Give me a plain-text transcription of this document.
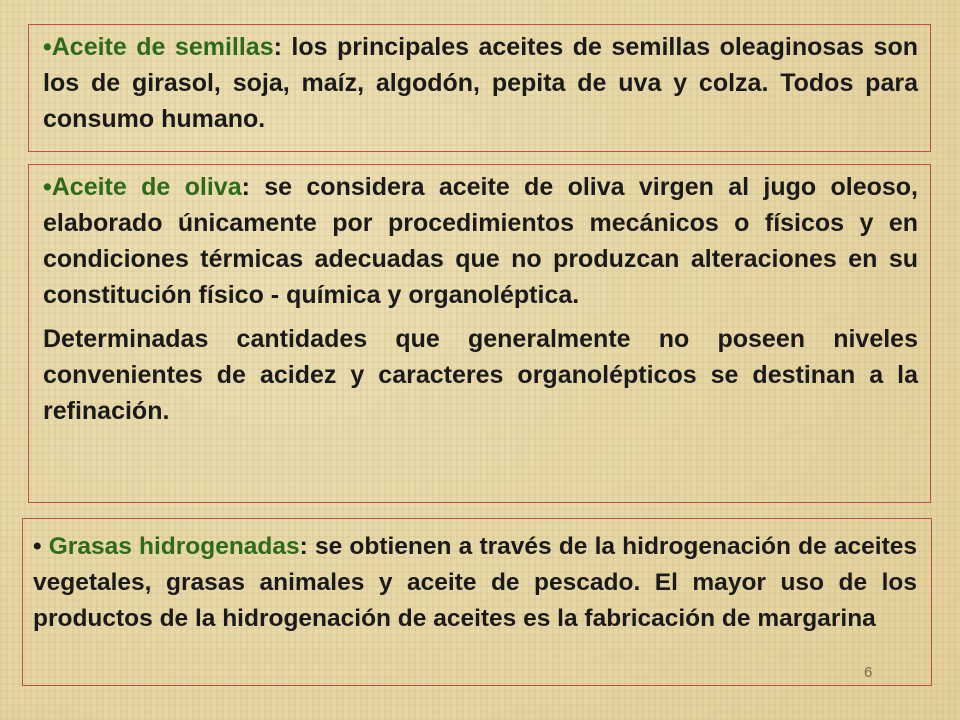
•Aceite de semillas: los principales aceites de semillas oleaginosas son los de girasol, soja, maíz, algodón, pepita de uva y colza. Todos para consumo humano.

•Aceite de oliva: se considera aceite de oliva virgen al jugo oleoso, elaborado únicamente por procedimientos mecánicos o físicos y en condiciones térmicas adecuadas que no produzcan alteraciones en su constitución físico - química y organoléptica.

Determinadas cantidades que generalmente no poseen niveles convenientes de acidez y caracteres organolépticos se destinan a la refinación.

• Grasas hidrogenadas: se obtienen a través de la hidrogenación de aceites vegetales, grasas animales y aceite de pescado. El mayor uso de los productos de la hidrogenación de aceites es la fabricación de margarina

6
